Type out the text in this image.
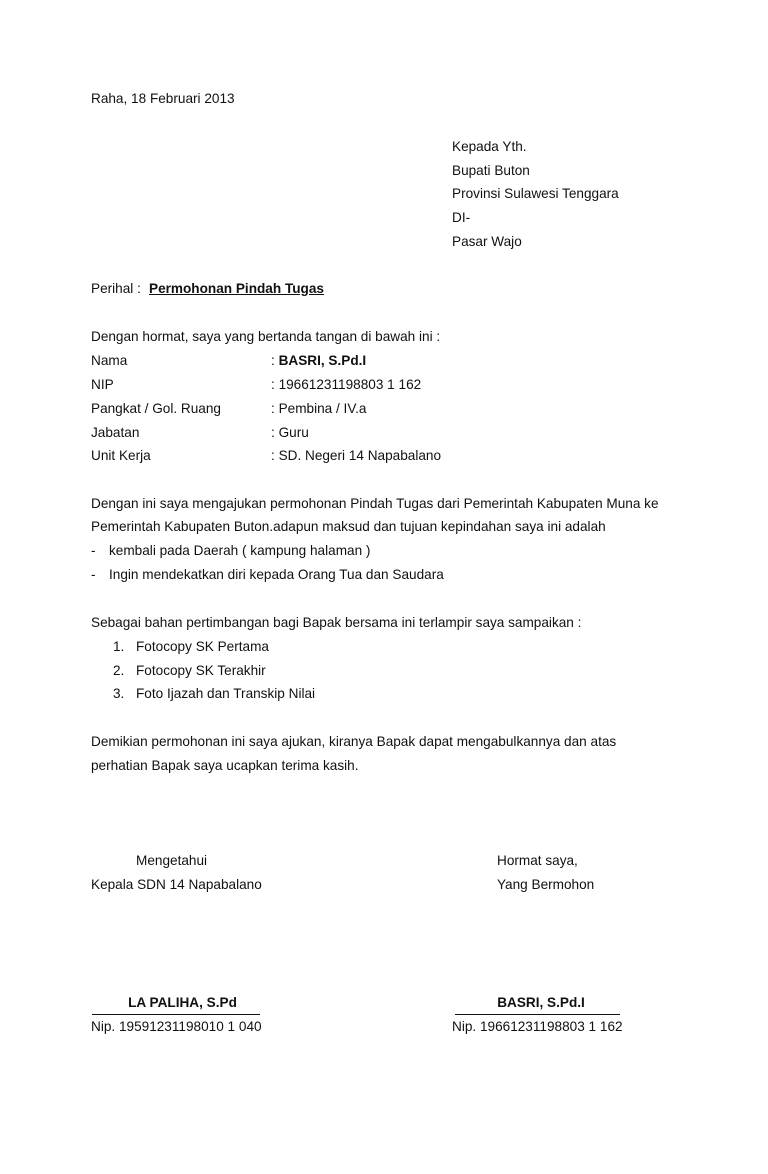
Raha, 18 Februari 2013
Kepada Yth.
Bupati Buton
Provinsi Sulawesi Tenggara
DI-
Pasar Wajo
Perihal : Permohonan Pindah Tugas
Dengan hormat, saya yang bertanda tangan di bawah ini :
Nama	: BASRI, S.Pd.I
NIP	: 19661231198803 1 162
Pangkat / Gol. Ruang	: Pembina / IV.a
Jabatan	: Guru
Unit Kerja	: SD. Negeri 14 Napabalano
Dengan ini saya mengajukan permohonan Pindah Tugas dari Pemerintah Kabupaten Muna ke
Pemerintah Kabupaten Buton.adapun maksud dan tujuan kepindahan saya ini adalah
- kembali pada Daerah ( kampung halaman )
- Ingin mendekatkan diri kepada Orang Tua dan Saudara
Sebagai bahan pertimbangan bagi Bapak bersama ini terlampir saya sampaikan :
1. Fotocopy SK Pertama
2. Fotocopy SK Terakhir
3. Foto Ijazah dan Transkip Nilai
Demikian permohonan ini saya ajukan, kiranya Bapak dapat mengabulkannya dan atas
perhatian Bapak saya ucapkan terima kasih.
Mengetahui
Kepala SDN 14 Napabalano
LA PALIHA, S.Pd
Nip. 19591231198010 1 040
Hormat saya,
Yang Bermohon
BASRI, S.Pd.I
Nip. 19661231198803 1 162
